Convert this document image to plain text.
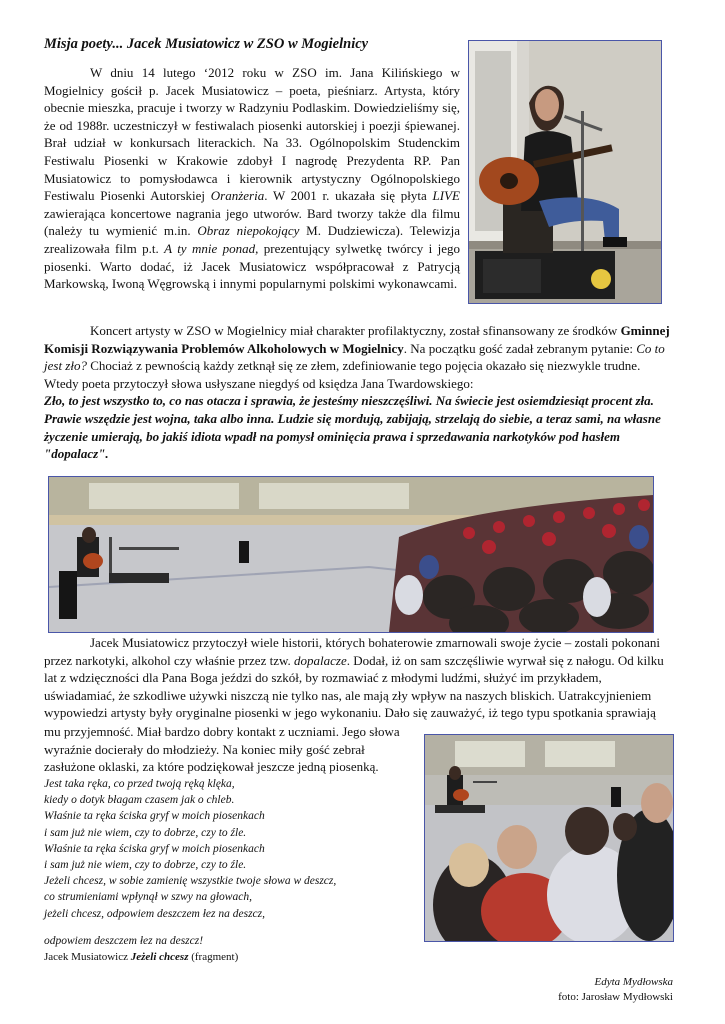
Misja poety... Jacek Musiatowicz w ZSO w Mogielnicy

W dniu 14 lutego ‘2012 roku w ZSO im. Jana Kilińskiego w Mogielnicy gościł p. Jacek Musiatowicz – poeta, pieśniarz. Artysta, który obecnie mieszka, pracuje i tworzy w Radzyniu Podlaskim. Dowiedzieliśmy się, że od 1988r. uczestniczył w festiwalach piosenki autorskiej i poezji śpiewanej. Brał udział w konkursach literackich. Na 33. Ogólnopolskim Studenckim Festiwalu Piosenki w Krakowie zdobył I nagrodę Prezydenta RP. Pan Musiatowicz to pomysłodawca i kierownik artystyczny Ogólnopolskiego Festiwalu Piosenki Autorskiej Oranżeria. W 2001 r. ukazała się płyta LIVE zawierająca koncertowe nagrania jego utworów. Bard tworzy także dla filmu (należy tu wymienić m.in. Obraz niepokojący M. Dudziewicza). Telewizja zrealizowała film p.t. A ty mnie ponad, prezentujący sylwetkę twórcy i jego piosenki. Warto dodać, iż Jacek Musiatowicz współpracował z Patrycją Markowską, Iwoną Węgrowską i innymi popularnymi polskimi wykonawcami.

Koncert artysty w ZSO w Mogielnicy miał charakter profilaktyczny, został sfinansowany ze środków Gminnej Komisji Rozwiązywania Problemów Alkoholowych w Mogielnicy. Na początku gość zadał zebranym pytanie: Co to jest zło? Chociaż z pewnością każdy zetknął się ze złem, zdefiniowanie tego pojęcia okazało się niezwykle trudne. Wtedy poeta przytoczył słowa usłyszane niegdyś od księdza Jana Twardowskiego:

Zło, to jest wszystko to, co nas otacza i sprawia, że jesteśmy nieszczęśliwi. Na świecie jest osiemdziesiąt procent zła. Prawie wszędzie jest wojna, taka albo inna. Ludzie się mordują, zabijają, strzelają do siebie, a teraz sami, na własne życzenie umierają, bo jakiś idiota wpadł na pomysł ominięcia prawa i sprzedawania narkotyków pod hasłem "dopalacz".

Jacek Musiatowicz przytoczył wiele historii, których bohaterowie zmarnowali swoje życie – zostali pokonani przez narkotyki, alkohol czy właśnie przez tzw. dopalacze. Dodał, iż on sam szczęśliwie wyrwał się z nałogu. Od kilku lat z wdzięczności dla Pana Boga jeździ do szkół, by rozmawiać z młodymi ludźmi, służyć im przykładem, uświadamiać, że szkodliwe używki niszczą nie tylko nas, ale mają zły wpływ na naszych bliskich. Uatrakcyjnieniem wypowiedzi artysty były oryginalne piosenki w jego wykonaniu. Dało się zauważyć, iż tego typu spotkania sprawiają

mu przyjemność. Miał bardzo dobry kontakt z uczniami. Jego słowa wyraźnie docierały do młodzieży. Na koniec miły gość zebrał zasłużone oklaski, za które podziękował jeszcze jedną piosenką.
Jest taka ręka, co przed twoją ręką klęka,
kiedy o dotyk błagam czasem jak o chleb.
Właśnie ta ręka ściska gryf w moich piosenkach
i sam już nie wiem, czy to dobrze, czy to źle.
Właśnie ta ręka ściska gryf w moich piosenkach
i sam już nie wiem, czy to dobrze, czy to źle.
Jeżeli chcesz, w sobie zamienię wszystkie twoje słowa w deszcz,
co strumieniami wpłynął w szwy na głowach,
jeżeli chcesz, odpowiem deszczem łez na deszcz,
odpowiem deszczem łez na deszcz!
Jacek Musiatowicz Jeżeli chcesz (fragment)
Edyta Mydłowska
foto: Jarosław Mydłowski
